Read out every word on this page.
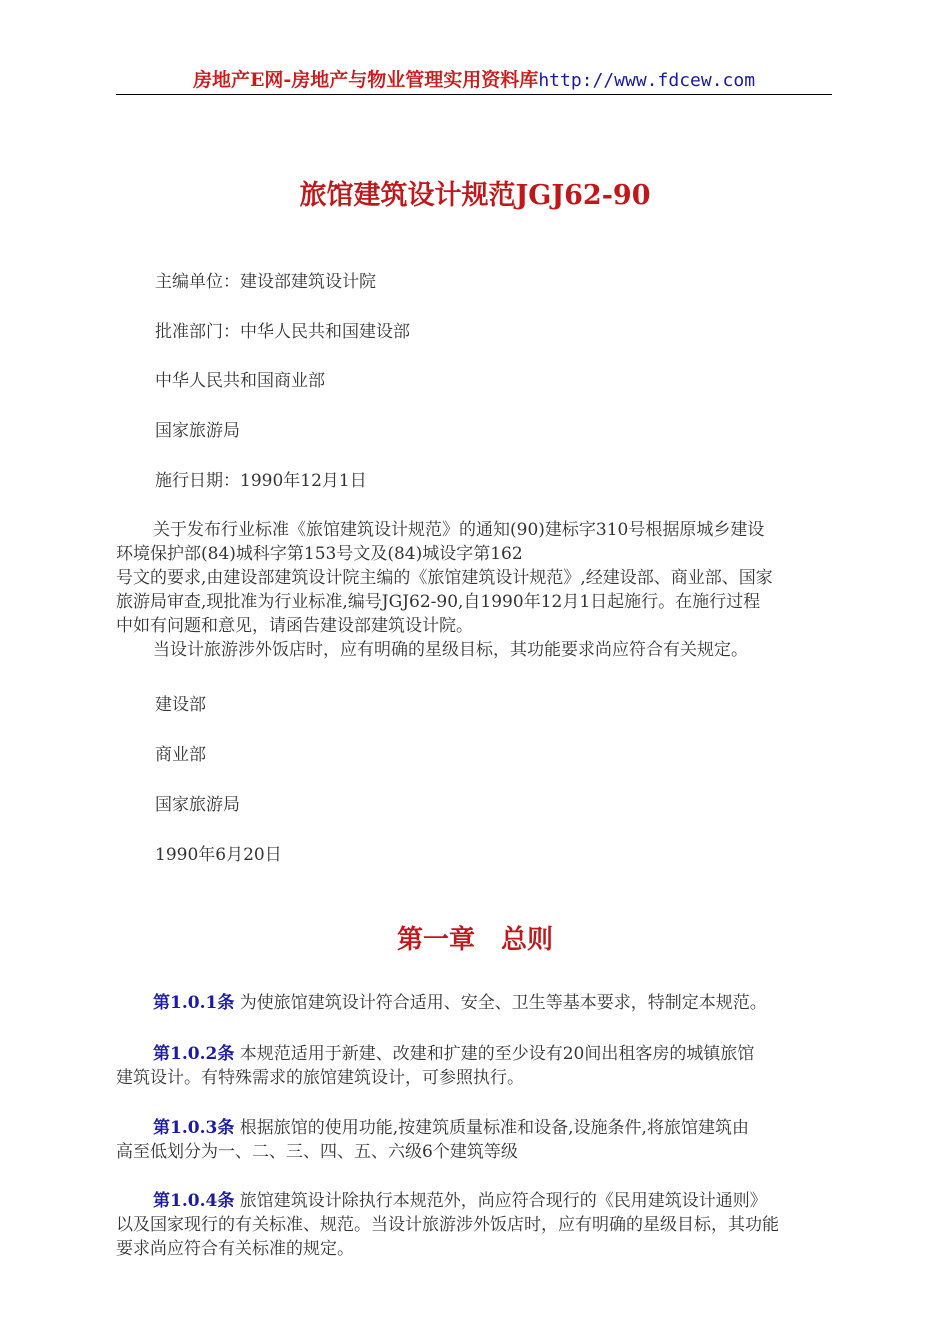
房地产E网-房地产与物业管理实用资料库http://www.fdcew.com
旅馆建筑设计规范JGJ62-90
主编单位：建设部建筑设计院
批准部门：中华人民共和国建设部
中华人民共和国商业部
国家旅游局
施行日期：1990年12月1日
关于发布行业标准《旅馆建筑设计规范》的通知(90)建标字310号根据原城乡建设
环境保护部(84)城科字第153号文及(84)城设字第162
号文的要求,由建设部建筑设计院主编的《旅馆建筑设计规范》,经建设部、商业部、国家
旅游局审查,现批准为行业标准,编号JGJ62-90,自1990年12月1日起施行。在施行过程
中如有问题和意见，请函告建设部建筑设计院。
当设计旅游涉外饭店时，应有明确的星级目标，其功能要求尚应符合有关规定。
建设部
商业部
国家旅游局
1990年6月20日
第一章　总则
第1.0.1条 为使旅馆建筑设计符合适用、安全、卫生等基本要求，特制定本规范。
第1.0.2条 本规范适用于新建、改建和扩建的至少设有20间出租客房的城镇旅馆
建筑设计。有特殊需求的旅馆建筑设计，可参照执行。
第1.0.3条 根据旅馆的使用功能,按建筑质量标准和设备,设施条件,将旅馆建筑由
高至低划分为一、二、三、四、五、六级6个建筑等级
第1.0.4条 旅馆建筑设计除执行本规范外，尚应符合现行的《民用建筑设计通则》
以及国家现行的有关标准、规范。当设计旅游涉外饭店时，应有明确的星级目标，其功能
要求尚应符合有关标准的规定。
